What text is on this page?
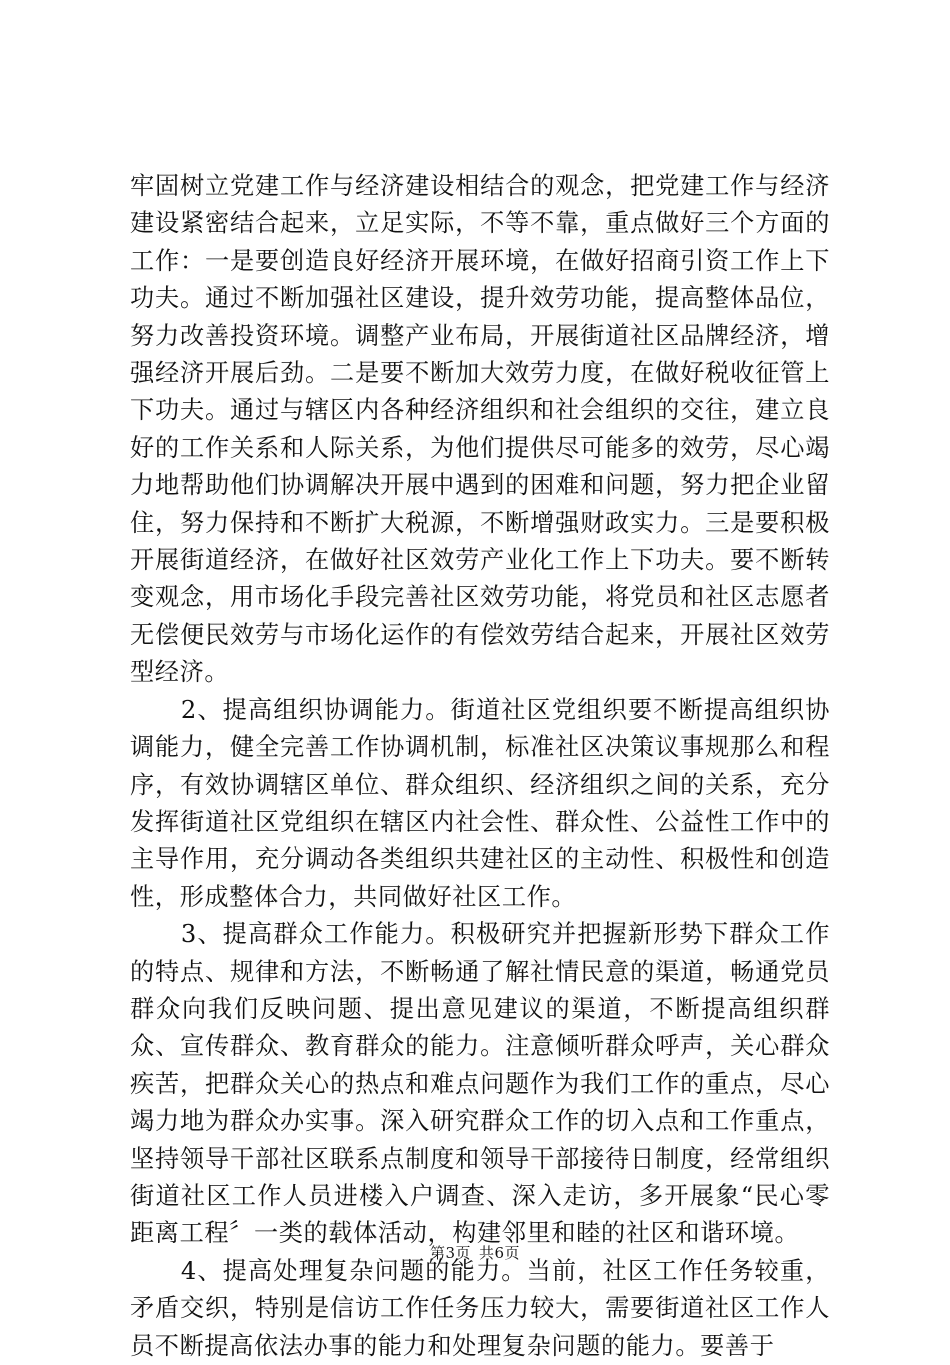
牢固树立党建工作与经济建设相结合的观念，把党建工作与经济建设紧密结合起来，立足实际，不等不靠，重点做好三个方面的工作：一是要创造良好经济开展环境，在做好招商引资工作上下功夫。通过不断加强社区建设，提升效劳功能，提高整体品位，努力改善投资环境。调整产业布局，开展街道社区品牌经济，增强经济开展后劲。二是要不断加大效劳力度，在做好税收征管上下功夫。通过与辖区内各种经济组织和社会组织的交往，建立良好的工作关系和人际关系，为他们提供尽可能多的效劳，尽心竭力地帮助他们协调解决开展中遇到的困难和问题，努力把企业留住，努力保持和不断扩大税源，不断增强财政实力。三是要积极开展街道经济，在做好社区效劳产业化工作上下功夫。要不断转变观念，用市场化手段完善社区效劳功能，将党员和社区志愿者无偿便民效劳与市场化运作的有偿效劳结合起来，开展社区效劳型经济。

2、提高组织协调能力。街道社区党组织要不断提高组织协调能力，健全完善工作协调机制，标准社区决策议事规那么和程序，有效协调辖区单位、群众组织、经济组织之间的关系，充分发挥街道社区党组织在辖区内社会性、群众性、公益性工作中的主导作用，充分调动各类组织共建社区的主动性、积极性和创造性，形成整体合力，共同做好社区工作。

3、提高群众工作能力。积极研究并把握新形势下群众工作的特点、规律和方法，不断畅通了解社情民意的渠道，畅通党员群众向我们反映问题、提出意见建议的渠道，不断提高组织群众、宣传群众、教育群众的能力。注意倾听群众呼声，关心群众疾苦，把群众关心的热点和难点问题作为我们工作的重点，尽心竭力地为群众办实事。深入研究群众工作的切入点和工作重点，坚持领导干部社区联系点制度和领导干部接待日制度，经常组织街道社区工作人员进楼入户调查、深入走访，多开展象“民心零距离工程〞一类的载体活动，构建邻里和睦的社区和谐环境。

4、提高处理复杂问题的能力。当前，社区工作任务较重，矛盾交织，特别是信访工作任务压力较大，需要街道社区工作人员不断提高依法办事的能力和处理复杂问题的能力。要善于

第3页 共6页
